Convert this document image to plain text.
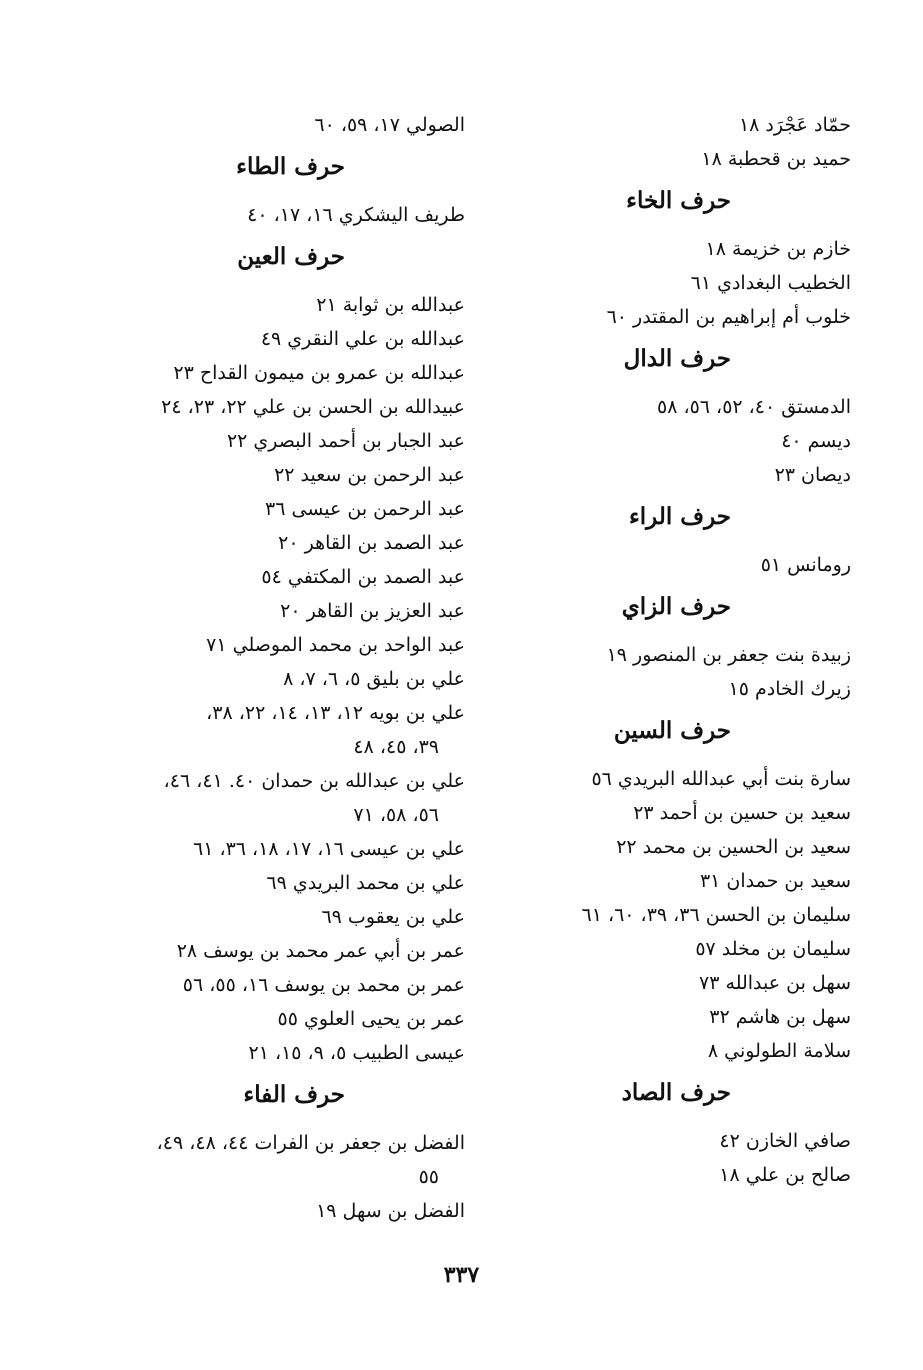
حمّاد عَجْرَد ١٨
حميد بن قحطبة ١٨
حرف الخاء
خازم بن خزيمة ١٨
الخطيب البغدادي ٦١
خلوب أم إبراهيم بن المقتدر ٦٠
حرف الدال
الدمستق ٤٠، ٥٢، ٥٦، ٥٨
ديسم ٤٠
ديصان ٢٣
حرف الراء
رومانس ٥١
حرف الزاي
زبيدة بنت جعفر بن المنصور ١٩
زيرك الخادم ١٥
حرف السين
سارة بنت أبي عبدالله البريدي ٥٦
سعيد بن حسين بن أحمد ٢٣
سعيد بن الحسين بن محمد ٢٢
سعيد بن حمدان ٣١
سليمان بن الحسن ٣٦، ٣٩، ٦٠، ٦١
سليمان بن مخلد ٥٧
سهل بن عبدالله ٧٣
سهل بن هاشم ٣٢
سلامة الطولوني ٨
حرف الصاد
صافي الخازن ٤٢
صالح بن علي ١٨
الصولي ١٧، ٥٩، ٦٠
حرف الطاء
طريف اليشكري ١٦، ١٧، ٤٠
حرف العين
عبدالله بن ثوابة ٢١
عبدالله بن علي النقري ٤٩
عبدالله بن عمرو بن ميمون القداح ٢٣
عبيدالله بن الحسن بن علي ٢٢، ٢٣، ٢٤
عبد الجبار بن أحمد البصري ٢٢
عبد الرحمن بن سعيد ٢٢
عبد الرحمن بن عيسى ٣٦
عبد الصمد بن القاهر ٢٠
عبد الصمد بن المكتفي ٥٤
عبد العزيز بن القاهر ٢٠
عبد الواحد بن محمد الموصلي ٧١
علي بن بليق ٥، ٦، ٧، ٨
علي بن بويه ١٢، ١٣، ١٤، ٢٢، ٣٨،
٣٩، ٤٥، ٤٨
علي بن عبدالله بن حمدان ٤٠. ٤١، ٤٦،
٥٦، ٥٨، ٧١
علي بن عيسى ١٦، ١٧، ١٨، ٣٦، ٦١
علي بن محمد البريدي ٦٩
علي بن يعقوب ٦٩
عمر بن أبي عمر محمد بن يوسف ٢٨
عمر بن محمد بن يوسف ١٦، ٥٥، ٥٦
عمر بن يحيى العلوي ٥٥
عيسى الطبيب ٥، ٩، ١٥، ٢١
حرف الفاء
الفضل بن جعفر بن الفرات ٤٤، ٤٨، ٤٩،
٥٥
الفضل بن سهل ١٩
٣٣٧
